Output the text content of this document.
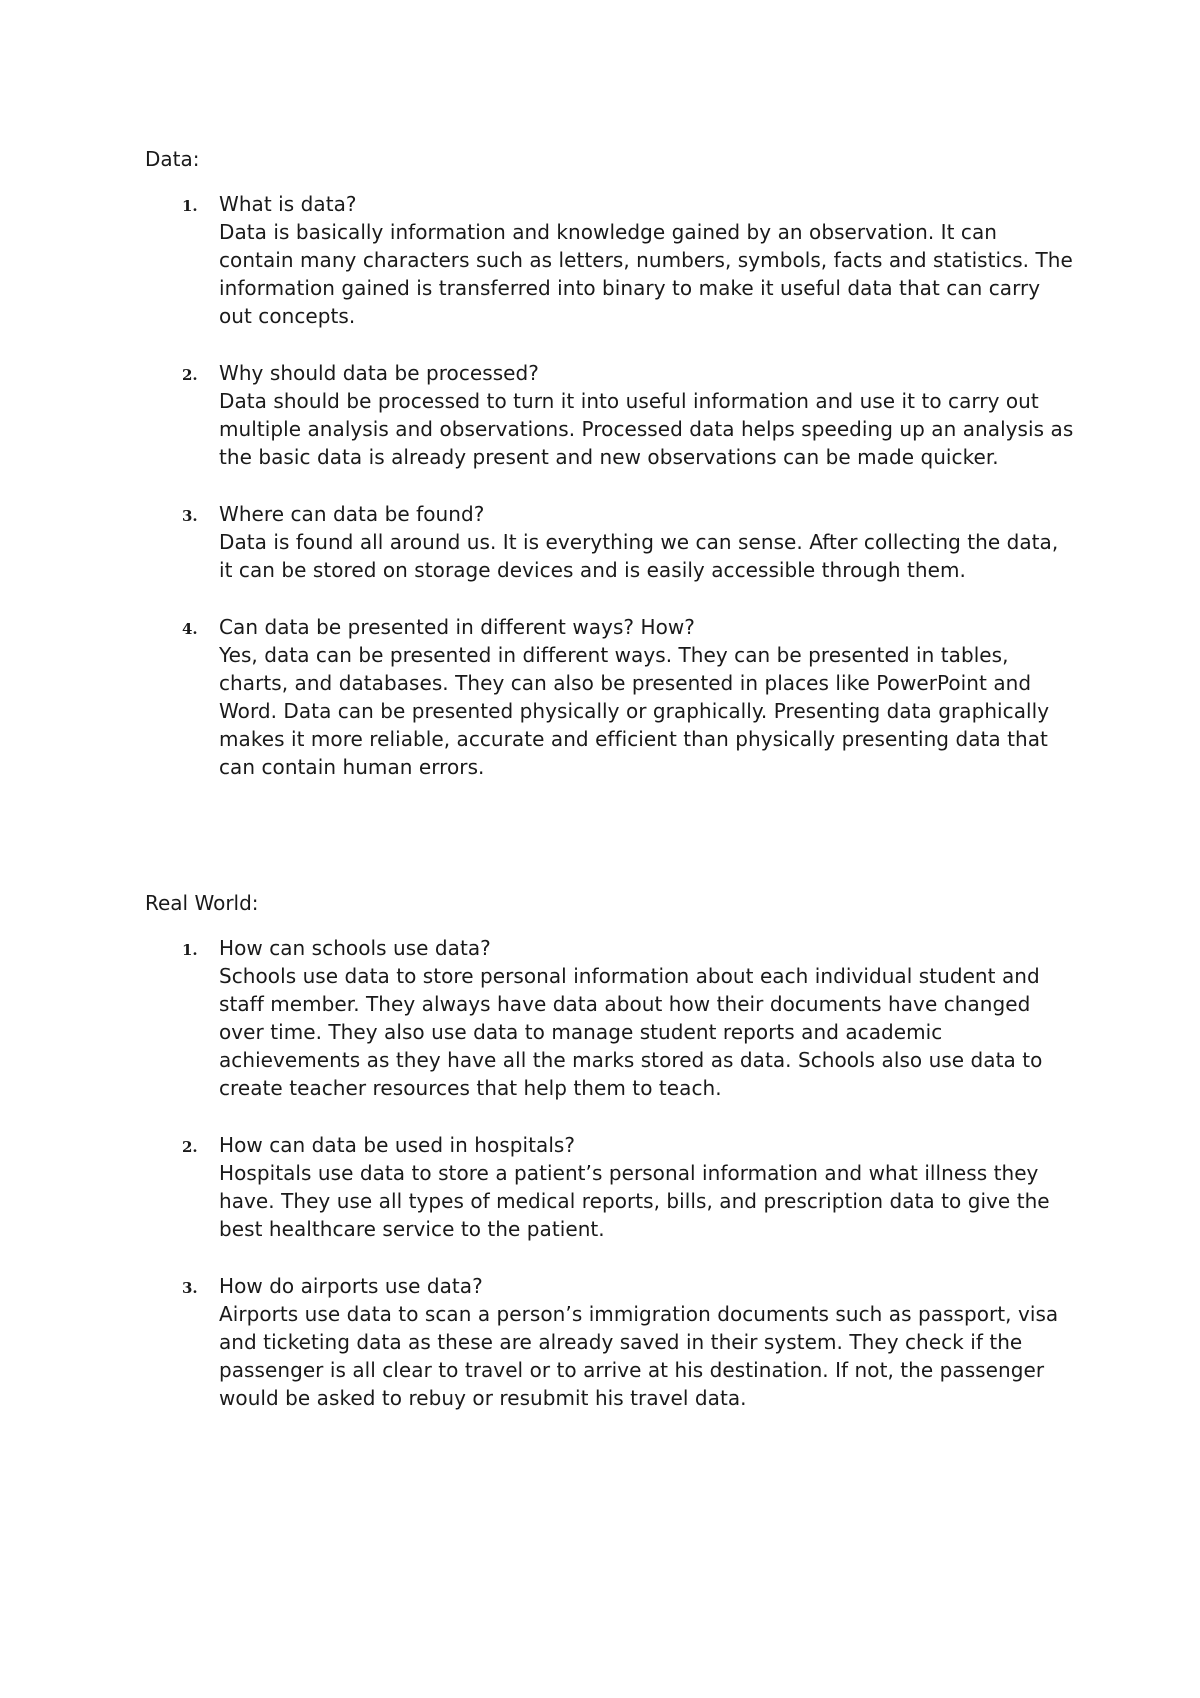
Data:
1. What is data?
Data is basically information and knowledge gained by an observation. It can contain many characters such as letters, numbers, symbols, facts and statistics. The information gained is transferred into binary to make it useful data that can carry out concepts.
2. Why should data be processed?
Data should be processed to turn it into useful information and use it to carry out multiple analysis and observations. Processed data helps speeding up an analysis as the basic data is already present and new observations can be made quicker.
3. Where can data be found?
Data is found all around us. It is everything we can sense. After collecting the data, it can be stored on storage devices and is easily accessible through them.
4. Can data be presented in different ways? How?
Yes, data can be presented in different ways. They can be presented in tables, charts, and databases. They can also be presented in places like PowerPoint and Word. Data can be presented physically or graphically. Presenting data graphically makes it more reliable, accurate and efficient than physically presenting data that can contain human errors.
Real World:
1. How can schools use data?
Schools use data to store personal information about each individual student and staff member. They always have data about how their documents have changed over time. They also use data to manage student reports and academic achievements as they have all the marks stored as data. Schools also use data to create teacher resources that help them to teach.
2. How can data be used in hospitals?
Hospitals use data to store a patient’s personal information and what illness they have. They use all types of medical reports, bills, and prescription data to give the best healthcare service to the patient.
3. How do airports use data?
Airports use data to scan a person’s immigration documents such as passport, visa and ticketing data as these are already saved in their system. They check if the passenger is all clear to travel or to arrive at his destination. If not, the passenger would be asked to rebuy or resubmit his travel data.
